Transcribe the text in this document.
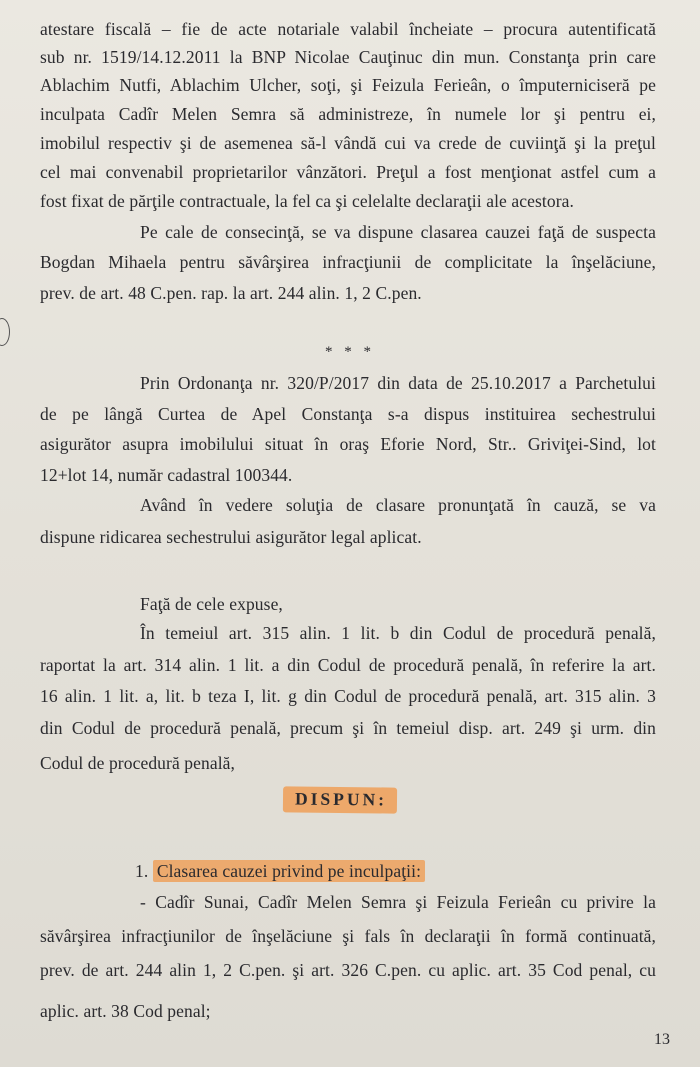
atestare fiscală – fie de acte notariale valabil încheiate – procura autentificată
sub nr. 1519/14.12.2011 la BNP Nicolae Cauţinuc din mun. Constanţa prin care
Ablachim Nutfi, Ablachim Ulcher, soţi, şi Feizula Ferieân, o împuterniciseră pe
inculpata Cadîr Melen Semra să administreze, în numele lor şi pentru ei,
imobilul respectiv şi de asemenea să-l vândă cui va crede de cuviinţă şi la preţul
cel mai convenabil proprietarilor vânzători. Preţul a fost menţionat astfel cum a
fost fixat de părţile contractuale, la fel ca şi celelalte declaraţii ale acestora.
Pe cale de consecinţă, se va dispune clasarea cauzei faţă de suspecta
Bogdan Mihaela pentru săvârşirea infracţiunii de complicitate la înşelăciune,
prev. de art. 48 C.pen. rap. la art. 244 alin. 1, 2 C.pen.
* * *
Prin Ordonanţa nr. 320/P/2017 din data de 25.10.2017 a Parchetului
de pe lângă Curtea de Apel Constanţa s-a dispus instituirea sechestrului
asigurător asupra imobilului situat în oraş Eforie Nord, Str.. Griviţei-Sind, lot
12+lot 14, număr cadastral 100344.
Având în vedere soluţia de clasare pronunţată în cauză, se va
dispune ridicarea sechestrului asigurător legal aplicat.
Faţă de cele expuse,
În temeiul art. 315 alin. 1 lit. b din Codul de procedură penală,
raportat la art. 314 alin. 1 lit. a din Codul de procedură penală, în referire la art.
16 alin. 1 lit. a, lit. b teza I, lit. g din Codul de procedură penală, art. 315 alin. 3
din Codul de procedură penală, precum şi în temeiul disp. art. 249 şi urm. din
Codul de procedură penală,
DISPUN:
1. Clasarea cauzei privind pe inculpaţii:
- Cadîr Sunai, Cadîr Melen Semra şi Feizula Ferieân cu privire la
săvârşirea infracţiunilor de înşelăciune şi fals în declaraţii în formă continuată,
prev. de art. 244 alin 1, 2 C.pen. şi art. 326 C.pen. cu aplic. art. 35 Cod penal, cu
aplic. art. 38 Cod penal;
13
